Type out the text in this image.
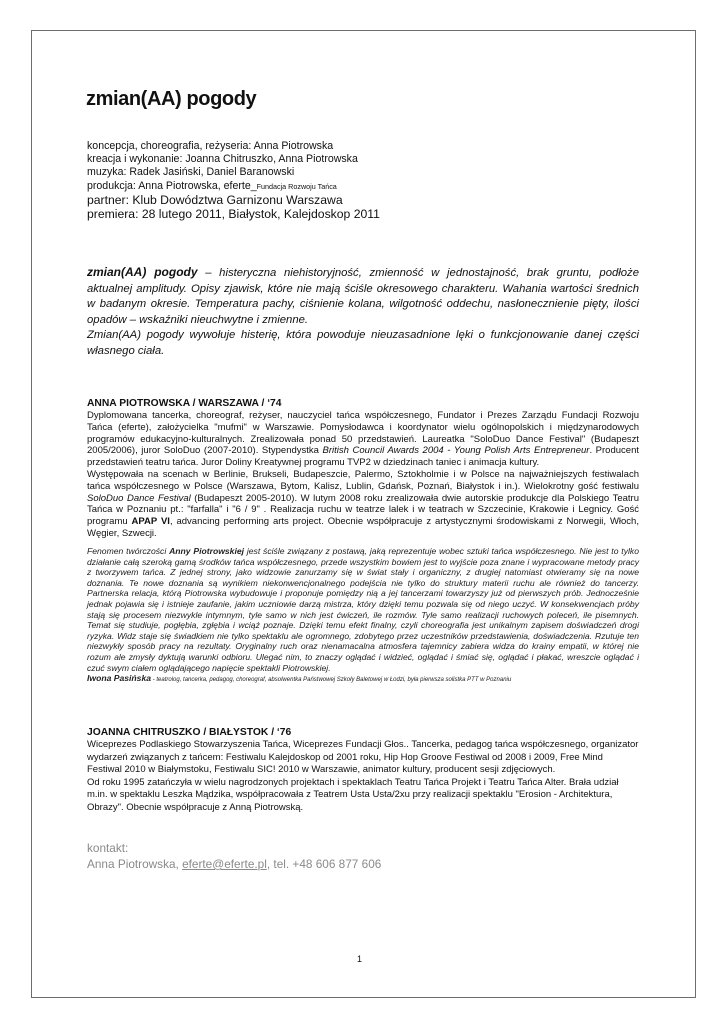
zmian(AA) pogody

koncepcja, choreografia, reżyseria: Anna Piotrowska

kreacja i wykonanie: Joanna Chitruszko, Anna Piotrowska

muzyka: Radek Jasiński, Daniel Baranowski

produkcja: Anna Piotrowska, eferte_Fundacja Rozwoju Tańca

partner: Klub Dowództwa Garnizonu Warszawa

premiera: 28 lutego 2011, Białystok, Kalejdoskop 2011

zmian(AA) pogody – histeryczna niehistoryjność, zmienność w jednostajność, brak gruntu, podłoże aktualnej amplitudy. Opisy zjawisk, które nie mają ściśle okresowego charakteru. Wahania wartości średnich w badanym okresie. Temperatura pachy, ciśnienie kolana, wilgotność oddechu, nasłonecznienie pięty, ilości opadów – wskaźniki nieuchwytne i zmienne.

Zmian(AA) pogody wywołuje histerię, która powoduje nieuzasadnione lęki o funkcjonowanie danej części własnego ciała.

ANNA PIOTROWSKA / WARSZAWA / ‘74

Dyplomowana tancerka, choreograf, reżyser, nauczyciel tańca współczesnego, Fundator i Prezes Zarządu Fundacji Rozwoju Tańca (eferte), założycielka "mufmi" w Warszawie. Pomysłodawca i koordynator wielu ogólnopolskich i międzynarodowych programów edukacyjno-kulturalnych. Zrealizowała ponad 50 przedstawień. Laureatka "SoloDuo Dance Festival" (Budapeszt 2005/2006), juror SoloDuo (2007-2010). Stypendystka British Council Awards 2004 - Young Polish Arts Entrepreneur. Producent przedstawień teatru tańca. Juror Doliny Kreatywnej programu TVP2 w dziedzinach taniec i animacja kultury.

Występowała na scenach w Berlinie, Brukseli, Budapeszcie, Palermo, Sztokholmie i w Polsce na najważniejszych festiwalach tańca współczesnego w Polsce (Warszawa, Bytom, Kalisz, Lublin, Gdańsk, Poznań, Białystok i in.). Wielokrotny gość festiwalu SoloDuo Dance Festival (Budapeszt 2005-2010). W lutym 2008 roku zrealizowała dwie autorskie produkcje dla Polskiego Teatru Tańca w Poznaniu pt.: "farfalla" i "6 / 9" . Realizacja ruchu w teatrze lalek i w teatrach w Szczecinie, Krakowie i Legnicy. Gość programu APAP VI, advancing performing arts project. Obecnie współpracuje z artystycznymi środowiskami z Norwegii, Włoch, Węgier, Szwecji.

Fenomen twórczości Anny Piotrowskiej jest ściśle związany z postawą, jaką reprezentuje wobec sztuki tańca współczesnego. Nie jest to tylko działanie całą szeroką gamą środków tańca współczesnego, przede wszystkim bowiem jest to wyjście poza znane i wypracowane metody pracy z tworzywem tańca. Z jednej strony, jako widzowie zanurzamy się w świat stały i organiczny, z drugiej natomiast otwieramy się na nowe doznania. Te nowe doznania są wynikiem niekonwencjonalnego podejścia nie tylko do struktury materii ruchu ale również do tancerzy. Partnerska relacja, którą Piotrowska wybudowuje i proponuje pomiędzy nią a jej tancerzami towarzyszy już od pierwszych prób. Jednocześnie jednak pojawia się i istnieje zaufanie, jakim uczniowie darzą mistrza, który dzięki temu pozwala się od niego uczyć. W konsekwencjach próby stają się procesem niezwykle intymnym, tyle samo w nich jest ćwiczeń, ile rozmów. Tyle samo realizacji ruchowych poleceń, ile pisemnych. Temat się studiuje, pogłębia, zgłębia i wciąż poznaje. Dzięki temu efekt finalny, czyli choreografia jest unikalnym zapisem doświadczeń drogi ryzyka. Widz staje się świadkiem nie tylko spektaklu ale ogromnego, zdobytego przez uczestników przedstawienia, doświadczenia. Rzutuje ten niezwykły sposób pracy na rezultaty. Oryginalny ruch oraz nienamacalna atmosfera tajemnicy zabiera widza do krainy empatii, w której nie rozum ale zmysły dyktują warunki odbioru. Ulegać nim, to znaczy oglądać i widzieć, oglądać i śmiać się, oglądać i płakać, wreszcie oglądać i czuć swym ciałem oglądającego napięcie spektakli Piotrowskiej.

Iwona Pasińska - teatrolog, tancerka, pedagog, choreograf, absolwentka Państwowej Szkoły Baletowej w Łodzi, była pierwsza solistka PTT w Poznaniu

JOANNA CHITRUSZKO / BIAŁYSTOK / ‘76

Wiceprezes Podlaskiego Stowarzyszenia Tańca, Wiceprezes Fundacji Głos.. Tancerka, pedagog tańca współczesnego, organizator wydarzeń związanych z tańcem: Festiwalu Kalejdoskop od 2001 roku, Hip Hop Groove Festiwal od 2008 i 2009, Free Mind Festiwal 2010 w Białymstoku, Festiwalu SIC! 2010 w Warszawie, animator kultury, producent sesji zdjęciowych.

Od roku 1995 zatańczyła w wielu nagrodzonych projektach i spektaklach Teatru Tańca Projekt i Teatru Tańca Alter. Brała udział m.in. w spektaklu Leszka Mądzika, współpracowała z Teatrem Usta Usta/2xu przy realizacji spektaklu "Erosion - Architektura, Obrazy". Obecnie współpracuje z Anną Piotrowską.

kontakt:

Anna Piotrowska, eferte@eferte.pl, tel. +48 606 877 606

1
